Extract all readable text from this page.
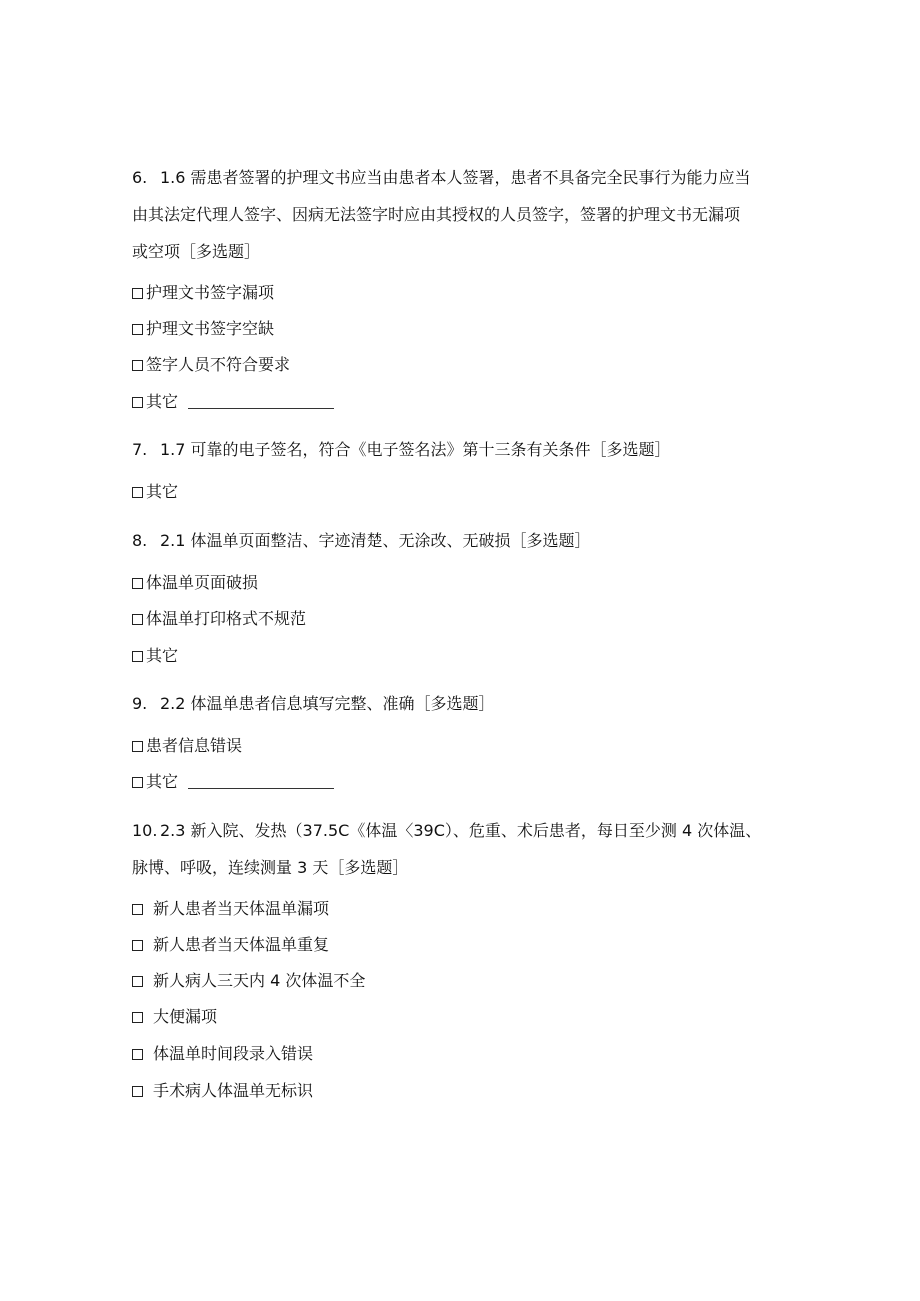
6. 1.6 需患者签署的护理文书应当由患者本人签署，患者不具备完全民事行为能力应当
由其法定代理人签字、因病无法签字时应由其授权的人员签字，签署的护理文书无漏项
或空项［多选题］
护理文书签字漏项
护理文书签字空缺
签字人员不符合要求
其它
7. 1.7 可靠的电子签名，符合《电子签名法》第十三条有关条件［多选题］
其它
8. 2.1 体温单页面整洁、字迹清楚、无涂改、无破损［多选题］
体温单页面破损
体温单打印格式不规范
其它
9. 2.2 体温单患者信息填写完整、准确［多选题］
患者信息错误
其它
10. 2.3 新入院、发热（37.5C《体温〈39C）、危重、术后患者，每日至少测 4 次体温、
脉博、呼吸，连续测量 3 天［多选题］
新人患者当天体温单漏项
新人患者当天体温单重复
新人病人三天内 4 次体温不全
大便漏项
体温单时间段录入错误
手术病人体温单无标识
